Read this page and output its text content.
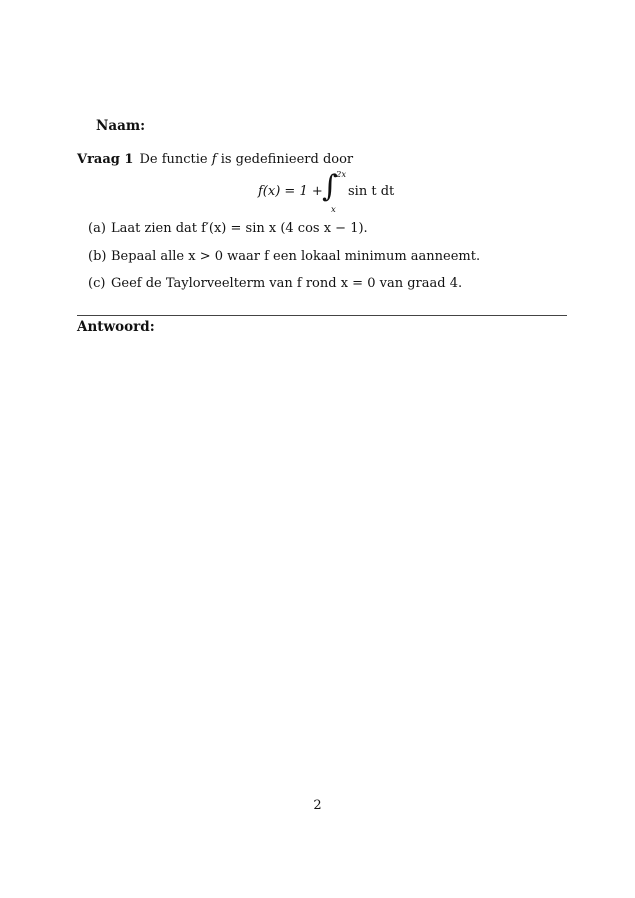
Naam:
Vraag 1 De functie f is gedefinieerd door
f(x) = 1 + ∫
2x
x
sin t dt
(a) Laat zien dat f′(x) = sin x (4 cos x − 1).
(b) Bepaal alle x > 0 waar f een lokaal minimum aanneemt.
(c) Geef de Taylorveelterm van f rond x = 0 van graad 4.
Antwoord:
2
